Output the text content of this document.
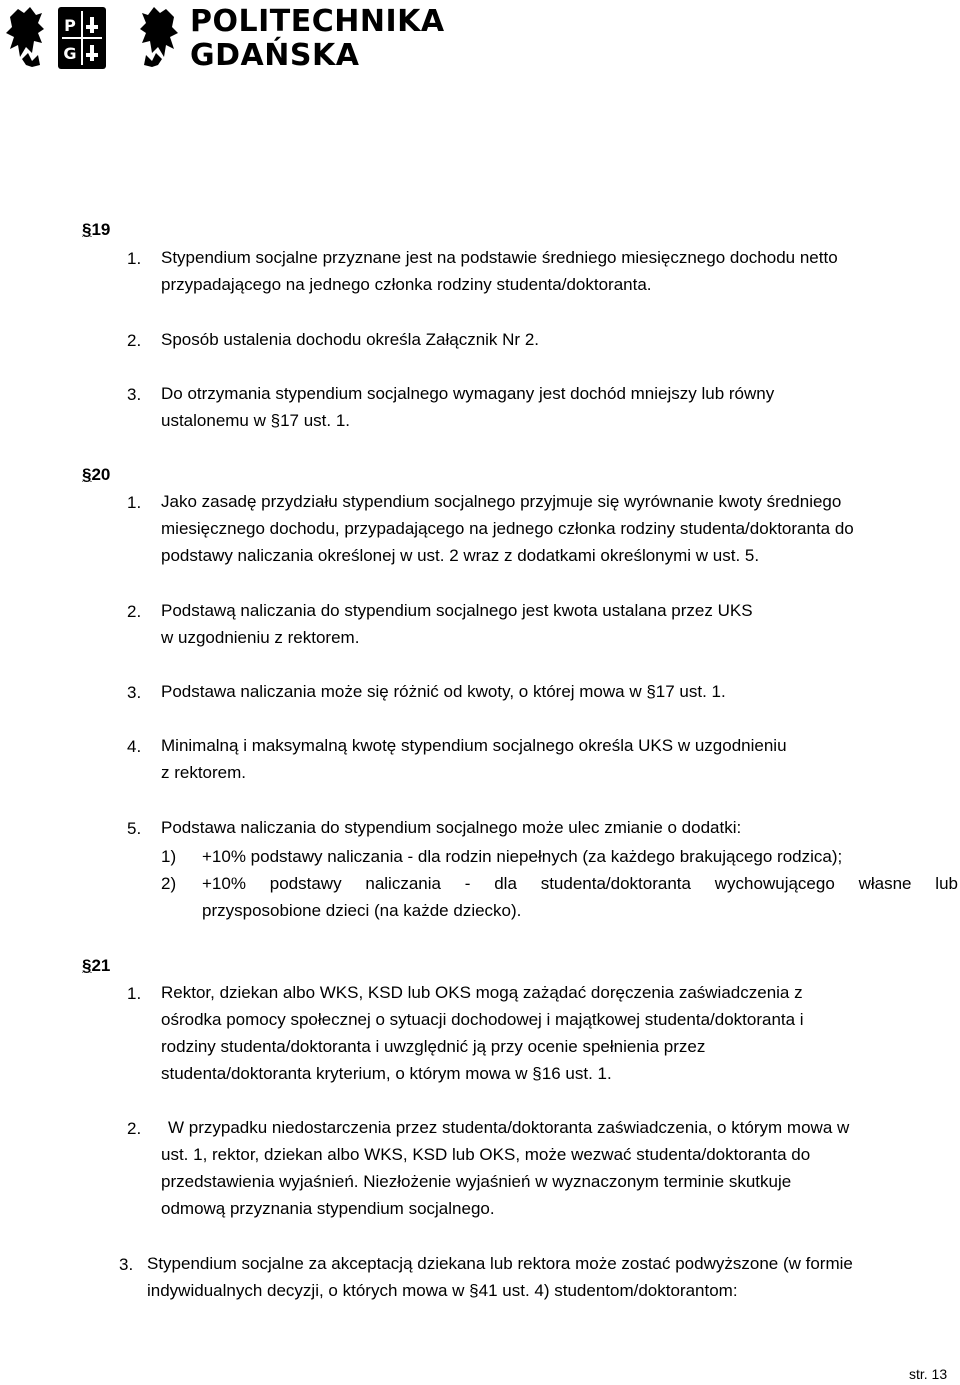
P
G
POLITECHNIKA
GDAŃSKA
§19
1. Stypendium socjalne przyznane jest na podstawie średniego miesięcznego dochodu netto
przypadającego na jednego członka rodziny studenta/doktoranta.
2. Sposób ustalenia dochodu określa Załącznik Nr 2.
3. Do otrzymania stypendium socjalnego wymagany jest dochód mniejszy lub równy
ustalonemu w §17 ust. 1.
§20
1. Jako zasadę przydziału stypendium socjalnego przyjmuje się wyrównanie kwoty średniego
miesięcznego dochodu, przypadającego na jednego członka rodziny studenta/doktoranta do
podstawy naliczania określonej w ust. 2 wraz z dodatkami określonymi w ust. 5.
2. Podstawą naliczania do stypendium socjalnego jest kwota ustalana przez UKS
w uzgodnieniu z rektorem.
3. Podstawa naliczania może się różnić od kwoty, o której mowa w §17 ust. 1.
4. Minimalną i maksymalną kwotę stypendium socjalnego określa UKS w uzgodnieniu
z rektorem.
5. Podstawa naliczania do stypendium socjalnego może ulec zmianie o dodatki:
1) +10% podstawy naliczania - dla rodzin niepełnych (za każdego brakującego rodzica);
2) +10% podstawy naliczania - dla studenta/doktoranta wychowującego własne lub
przysposobione dzieci (na każde dziecko).
§21
1. Rektor, dziekan albo WKS, KSD lub OKS mogą zażądać doręczenia zaświadczenia z
ośrodka pomocy społecznej o sytuacji dochodowej i majątkowej studenta/doktoranta i
rodziny studenta/doktoranta i uwzględnić ją przy ocenie spełnienia przez
studenta/doktoranta kryterium, o którym mowa w §16 ust. 1.
2.	W przypadku niedostarczenia przez studenta/doktoranta zaświadczenia, o którym mowa w
ust. 1, rektor, dziekan albo WKS, KSD lub OKS, może wezwać studenta/doktoranta do
przedstawienia wyjaśnień. Niezłożenie wyjaśnień w wyznaczonym terminie skutkuje
odmową przyznania stypendium socjalnego.
3. Stypendium socjalne za akceptacją dziekana lub rektora może zostać podwyższone (w formie
indywidualnych decyzji, o których mowa w §41 ust. 4) studentom/doktorantom:
str. 13
